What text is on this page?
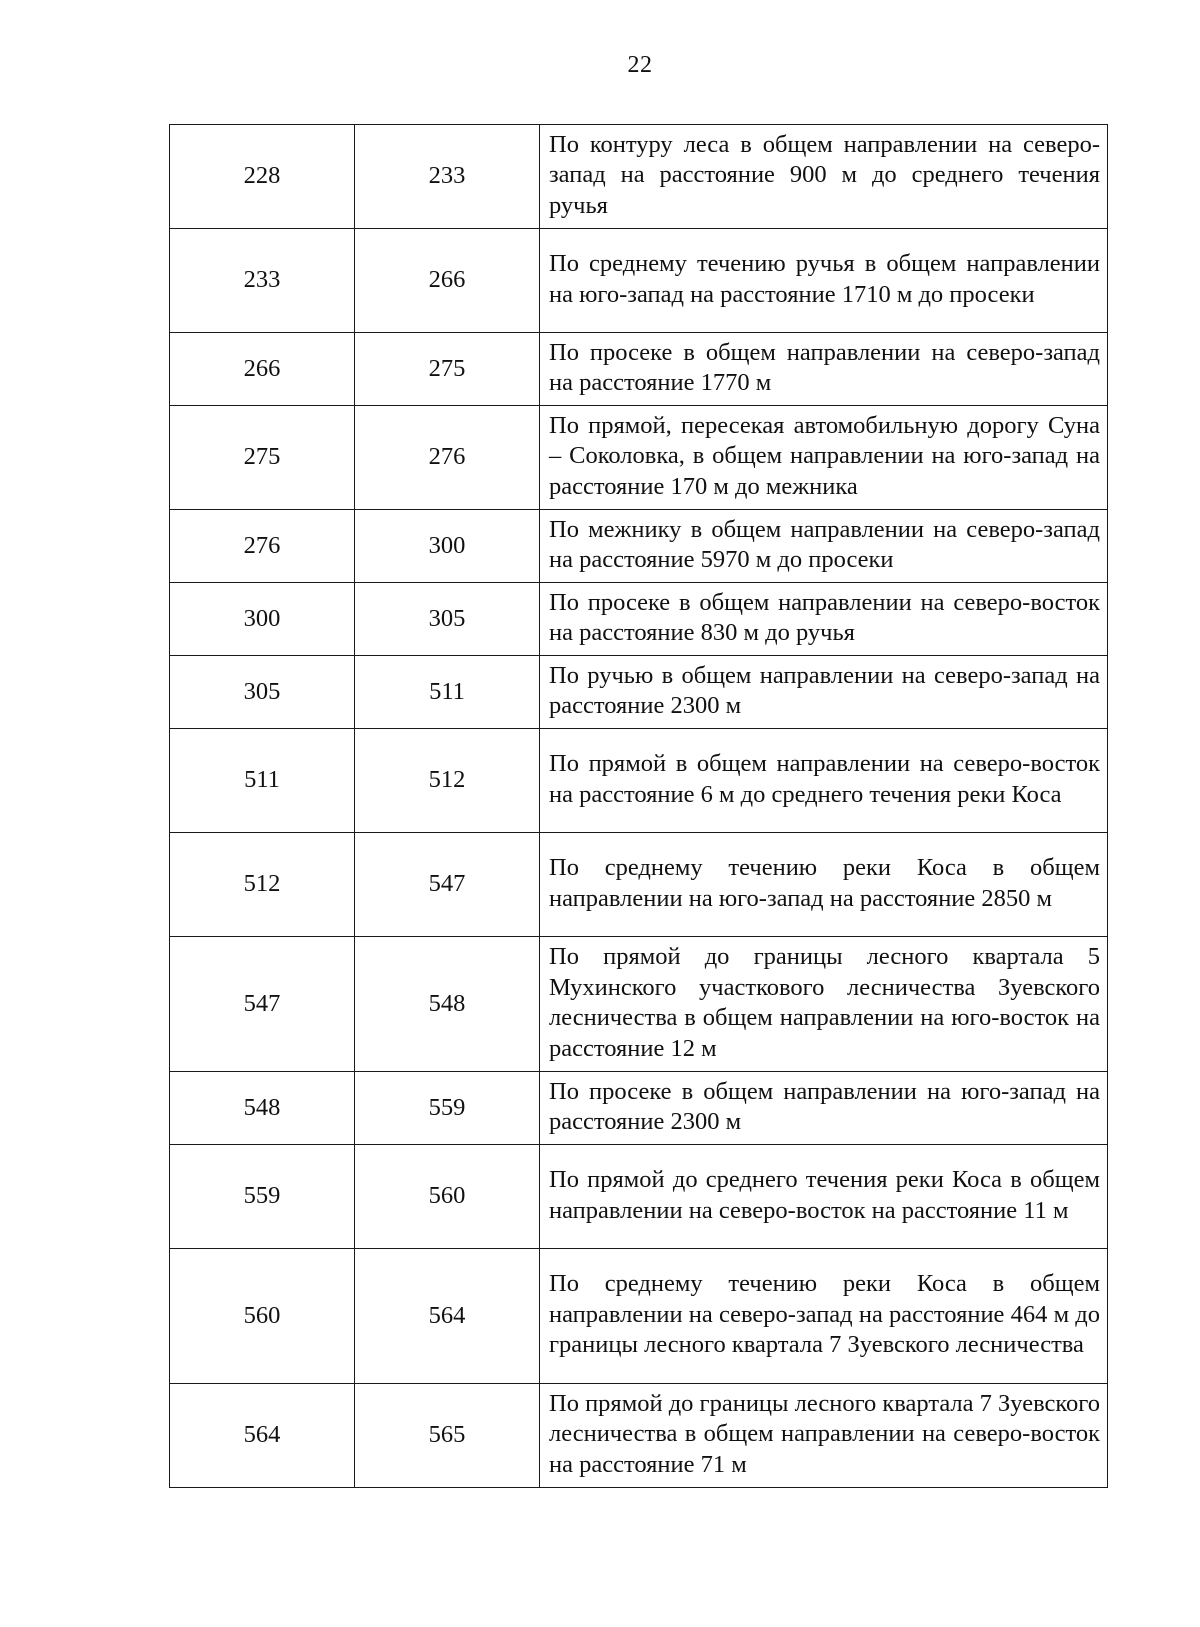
22
228	233	По контуру леса в общем направлении на северо-запад на расстояние 900 м до среднего течения ручья
233	266	По среднему течению ручья в общем направлении на юго-запад на расстояние 1710 м до просеки
266	275	По просеке в общем направлении на северо-запад на расстояние 1770 м
275	276	По прямой, пересекая автомобильную дорогу Суна – Соколовка, в общем направлении на юго-запад на расстояние 170 м до межника
276	300	По межнику в общем направлении на северо-запад на расстояние 5970 м до просеки
300	305	По просеке в общем направлении на северо-восток на расстояние 830 м до ручья
305	511	По ручью в общем направлении на северо-запад на расстояние 2300 м
511	512	По прямой в общем направлении на северо-восток на расстояние 6 м до среднего течения реки Коса
512	547	По среднему течению реки Коса в общем направлении на юго-запад на расстояние 2850 м
547	548	По прямой до границы лесного квартала 5 Мухинского участкового лесничества Зуевского лесничества в общем направлении на юго-восток на расстояние 12 м
548	559	По просеке в общем направлении на юго-запад на расстояние 2300 м
559	560	По прямой до среднего течения реки Коса в общем направлении на северо-восток на расстояние 11 м
560	564	По среднему течению реки Коса в общем направлении на северо-запад на расстояние 464 м до границы лесного квартала 7 Зуевского лесничества
564	565	По прямой до границы лесного квартала 7 Зуевского лесничества в общем направлении на северо-восток на расстояние 71 м
